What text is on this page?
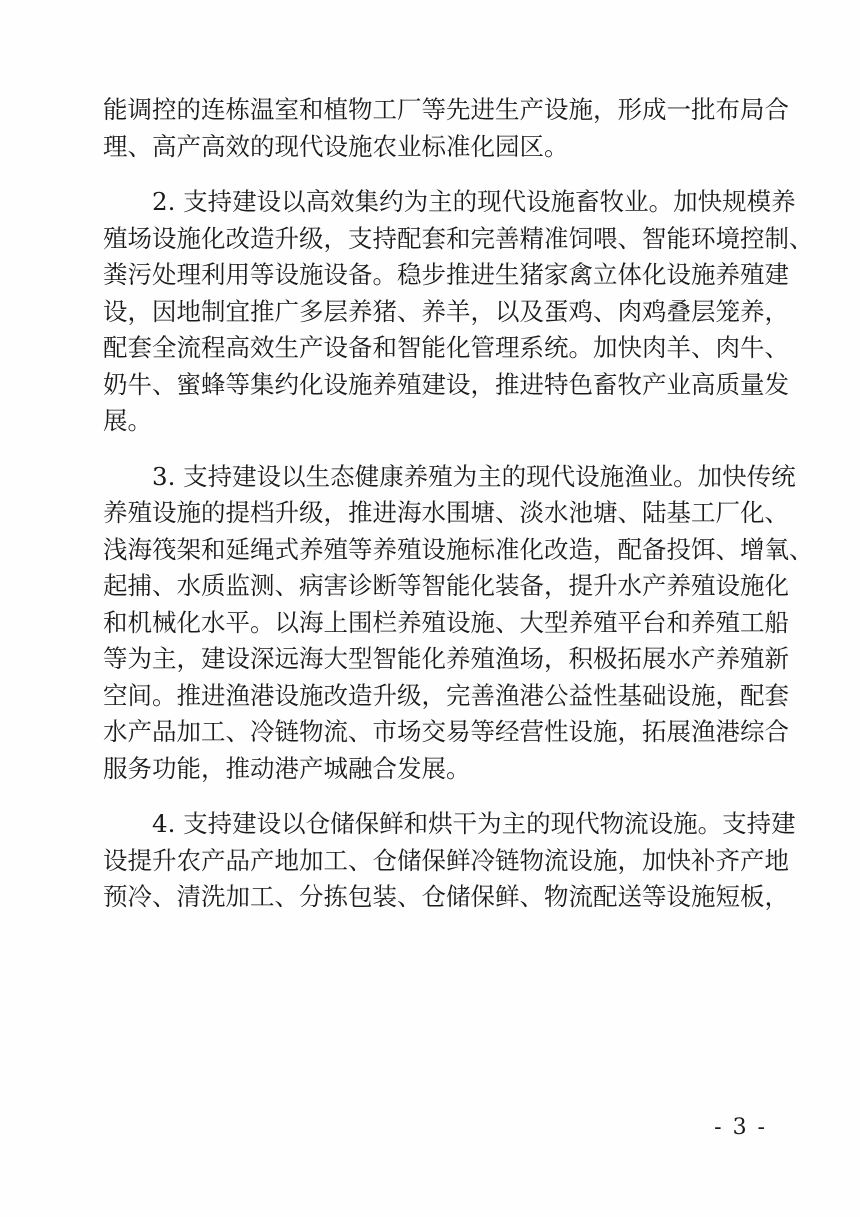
能调控的连栋温室和植物工厂等先进生产设施，形成一批布局合
理、高产高效的现代设施农业标准化园区。
2. 支持建设以高效集约为主的现代设施畜牧业。加快规模养
殖场设施化改造升级，支持配套和完善精准饲喂、智能环境控制、
粪污处理利用等设施设备。稳步推进生猪家禽立体化设施养殖建
设，因地制宜推广多层养猪、养羊，以及蛋鸡、肉鸡叠层笼养，
配套全流程高效生产设备和智能化管理系统。加快肉羊、肉牛、
奶牛、蜜蜂等集约化设施养殖建设，推进特色畜牧产业高质量发
展。
3. 支持建设以生态健康养殖为主的现代设施渔业。加快传统
养殖设施的提档升级，推进海水围塘、淡水池塘、陆基工厂化、
浅海筏架和延绳式养殖等养殖设施标准化改造，配备投饵、增氧、
起捕、水质监测、病害诊断等智能化装备，提升水产养殖设施化
和机械化水平。以海上围栏养殖设施、大型养殖平台和养殖工船
等为主，建设深远海大型智能化养殖渔场，积极拓展水产养殖新
空间。推进渔港设施改造升级，完善渔港公益性基础设施，配套
水产品加工、冷链物流、市场交易等经营性设施，拓展渔港综合
服务功能，推动港产城融合发展。
4. 支持建设以仓储保鲜和烘干为主的现代物流设施。支持建
设提升农产品产地加工、仓储保鲜冷链物流设施，加快补齐产地
预冷、清洗加工、分拣包装、仓储保鲜、物流配送等设施短板，
- 3 -
